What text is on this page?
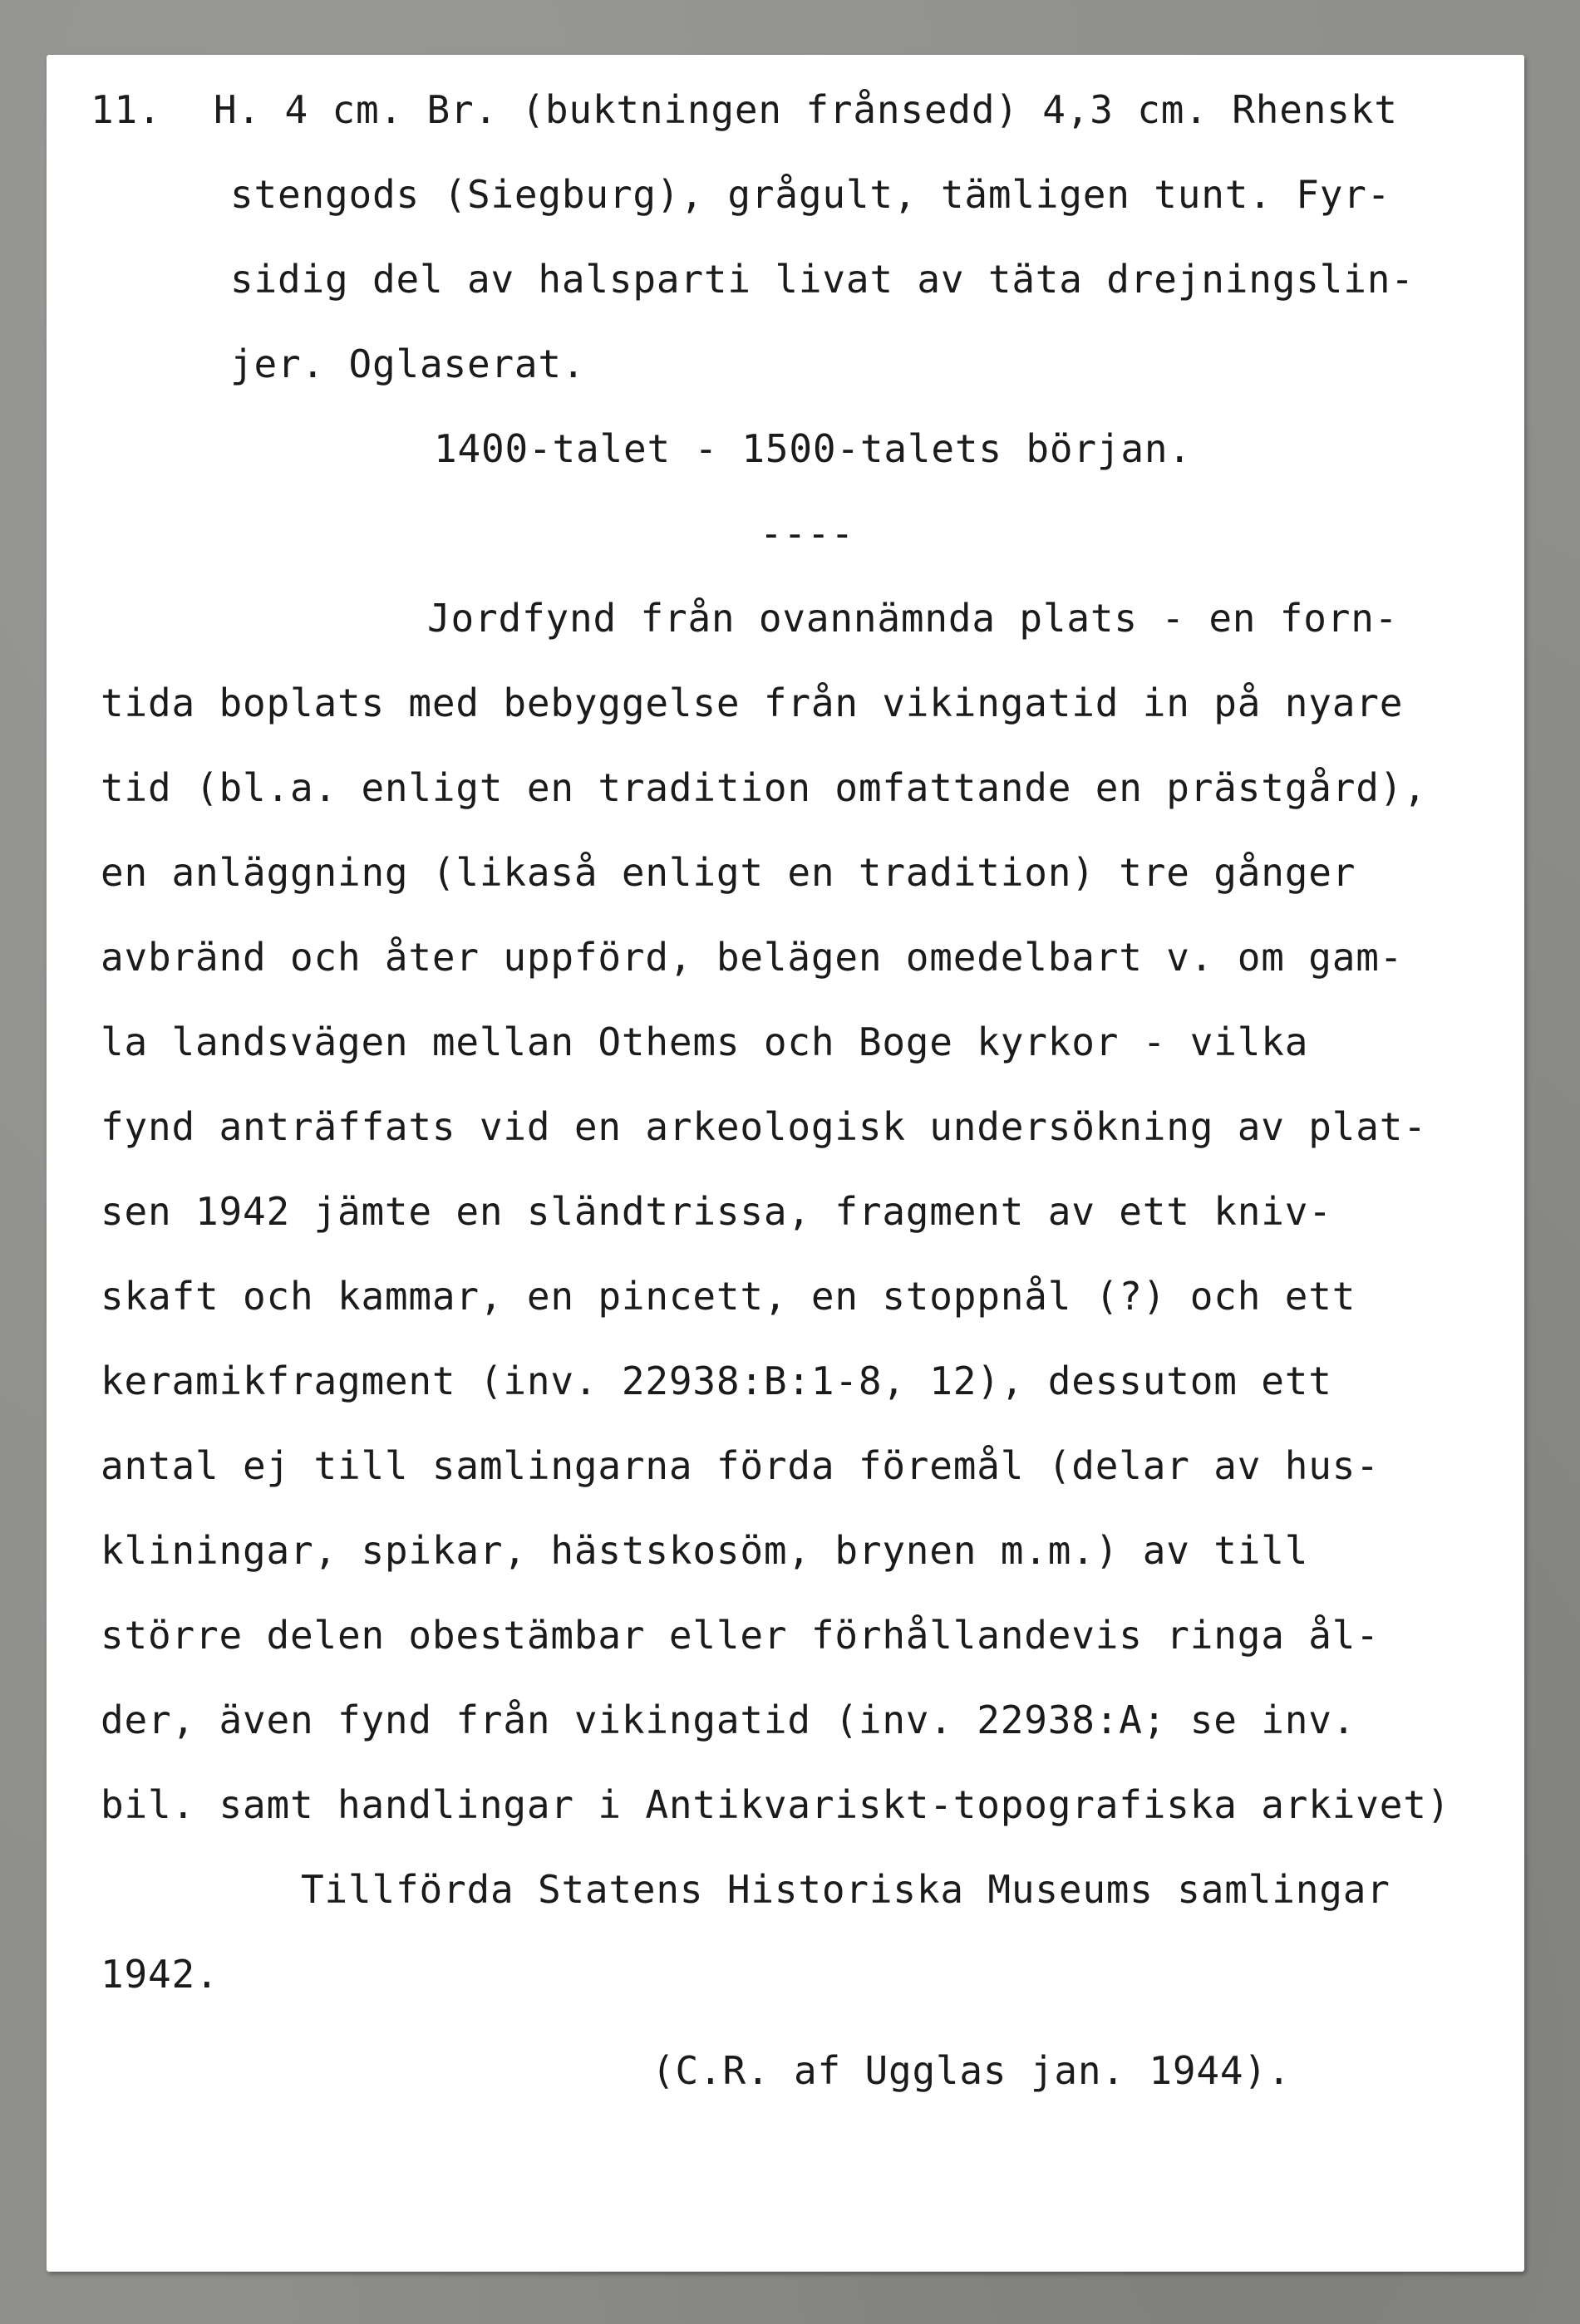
11. H. 4 cm. Br. (buktningen frånsedd) 4,3 cm. Rhenskt

stengods (Siegburg), grågult, tämligen tunt. Fyr-

sidig del av halsparti livat av täta drejningslin-

jer. Oglaserat.

1400-talet - 1500-talets början.

----

Jordfynd från ovannämnda plats - en forn-

tida boplats med bebyggelse från vikingatid in på nyare

tid (bl.a. enligt en tradition omfattande en prästgård),

en anläggning (likaså enligt en tradition) tre gånger

avbränd och åter uppförd, belägen omedelbart v. om gam-

la landsvägen mellan Othems och Boge kyrkor - vilka

fynd anträffats vid en arkeologisk undersökning av plat-

sen 1942 jämte en sländtrissa, fragment av ett kniv-

skaft och kammar, en pincett, en stoppnål (?) och ett

keramikfragment (inv. 22938:B:1-8, 12), dessutom ett

antal ej till samlingarna förda föremål (delar av hus-

kliningar, spikar, hästskosöm, brynen m.m.) av till

större delen obestämbar eller förhållandevis ringa ål-

der, även fynd från vikingatid (inv. 22938:A; se inv.

bil. samt handlingar i Antikvariskt-topografiska arkivet)

Tillförda Statens Historiska Museums samlingar

1942.

(C.R. af Ugglas jan. 1944).
